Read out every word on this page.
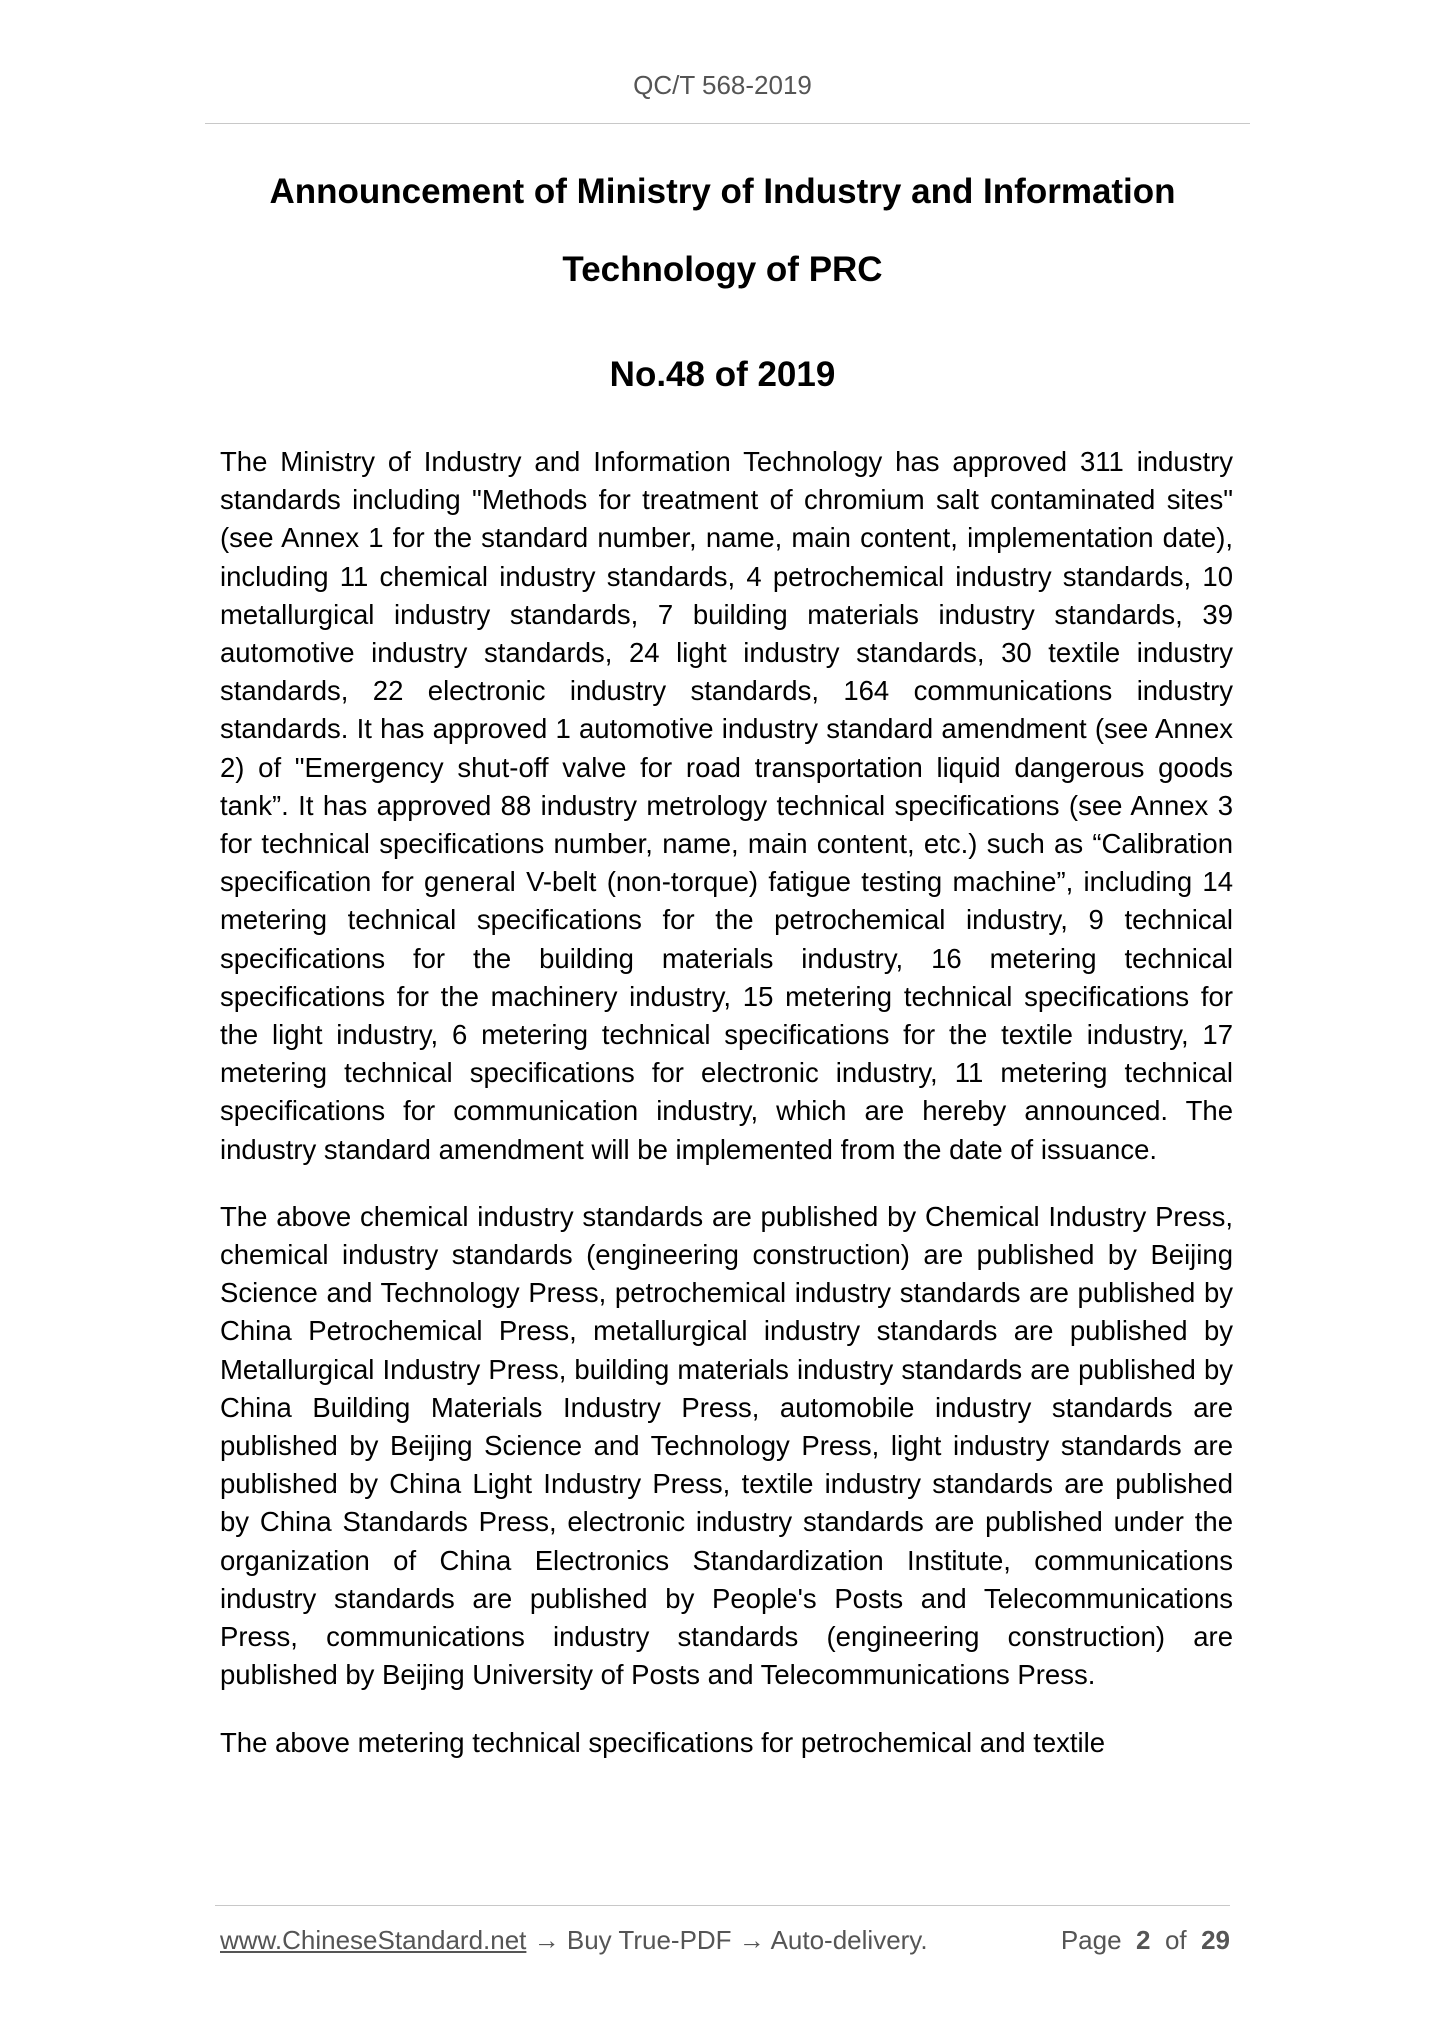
QC/T 568-2019
Announcement of Ministry of Industry and Information
Technology of PRC
No.48 of 2019

The Ministry of Industry and Information Technology has approved 311 industry standards including "Methods for treatment of chromium salt contaminated sites" (see Annex 1 for the standard number, name, main content, implementation date), including 11 chemical industry standards, 4 petrochemical industry standards, 10 metallurgical industry standards, 7 building materials industry standards, 39 automotive industry standards, 24 light industry standards, 30 textile industry standards, 22 electronic industry standards, 164 communications industry standards. It has approved 1 automotive industry standard amendment (see Annex 2) of "Emergency shut-off valve for road transportation liquid dangerous goods tank”. It has approved 88 industry metrology technical specifications (see Annex 3 for technical specifications number, name, main content, etc.) such as “Calibration specification for general V-belt (non-torque) fatigue testing machine”, including 14 metering technical specifications for the petrochemical industry, 9 technical specifications for the building materials industry, 16 metering technical specifications for the machinery industry, 15 metering technical specifications for the light industry, 6 metering technical specifications for the textile industry, 17 metering technical specifications for electronic industry, 11 metering technical specifications for communication industry, which are hereby announced. The industry standard amendment will be implemented from the date of issuance.

The above chemical industry standards are published by Chemical Industry Press, chemical industry standards (engineering construction) are published by Beijing Science and Technology Press, petrochemical industry standards are published by China Petrochemical Press, metallurgical industry standards are published by Metallurgical Industry Press, building materials industry standards are published by China Building Materials Industry Press, automobile industry standards are published by Beijing Science and Technology Press, light industry standards are published by China Light Industry Press, textile industry standards are published by China Standards Press, electronic industry standards are published under the organization of China Electronics Standardization Institute, communications industry standards are published by People's Posts and Telecommunications Press, communications industry standards (engineering construction) are published by Beijing University of Posts and Telecommunications Press.

The above metering technical specifications for petrochemical and textile

www.ChineseStandard.net → Buy True-PDF → Auto-delivery.	Page 2 of 29
